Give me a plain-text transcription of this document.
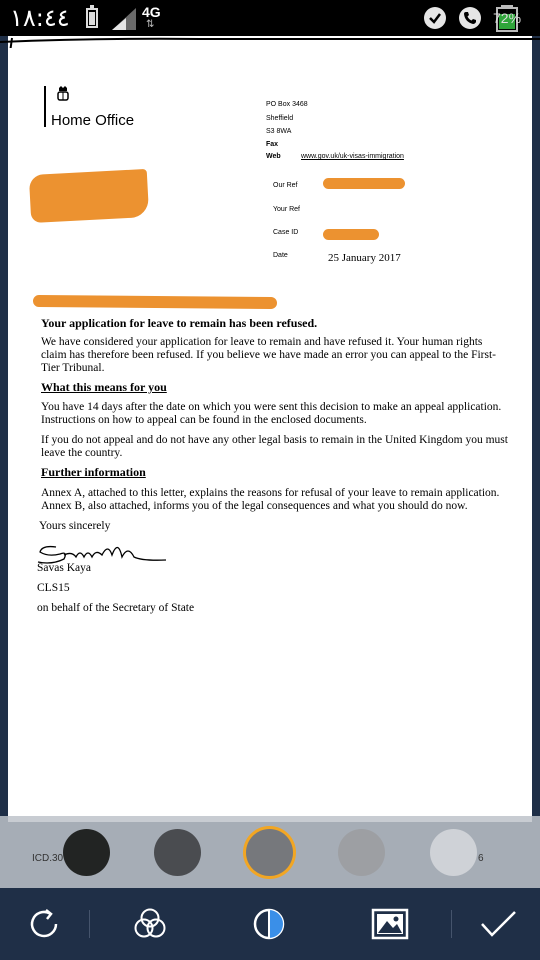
١٨:٤٤	4G
⇅	72%
Home Office
PO Box 3468
Sheffield
S3 8WA
Fax
Web	www.gov.uk/uk-visas-immigration
Our Ref
Your Ref
Case ID
Date	25 January 2017
Your application for leave to remain has been refused.
We have considered your application for leave to remain and have refused it. Your human rights
claim has therefore been refused. If you believe we have made an error you can appeal to the First-
Tier Tribunal.
What this means for you
You have 14 days after the date on which you were sent this decision to make an appeal application.
Instructions on how to appeal can be found in the enclosed documents.
If you do not appeal and do not have any other legal basis to remain in the United Kingdom you must
leave the country.
Further information
Annex A, attached to this letter, explains the reasons for refusal of your leave to remain application.
Annex B, also attached, informs you of the legal consequences and what you should do now.
Yours sincerely
Savas Kaya
CLS15
on behalf of the Secretary of State
ICD.30	6
